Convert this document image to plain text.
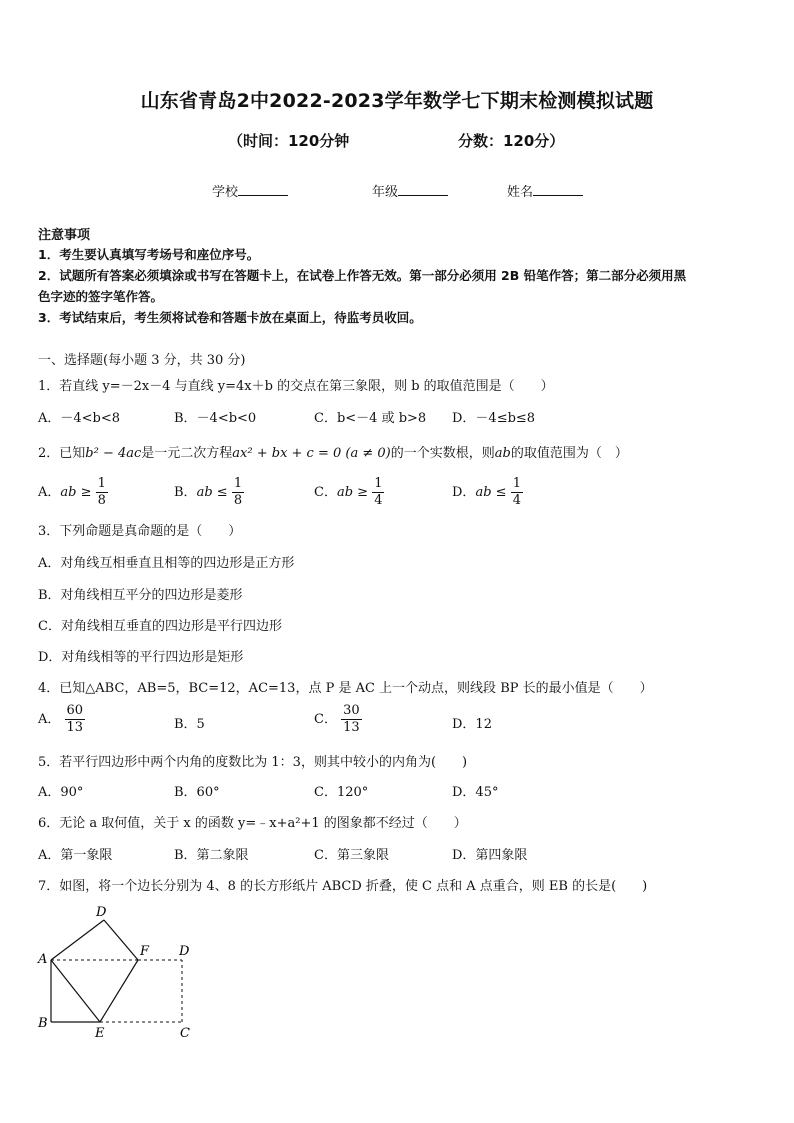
山东省青岛2中2022-2023学年数学七下期末检测模拟试题
（时间：120分钟	分数：120分）
学校	年级	姓名
注意事项
1．考生要认真填写考场号和座位序号。
2．试题所有答案必须填涂或书写在答题卡上，在试卷上作答无效。第一部分必须用 2B 铅笔作答；第二部分必须用黑
色字迹的签字笔作答。
3．考试结束后，考生须将试卷和答题卡放在桌面上，待监考员收回。
一、选择题(每小题 3 分，共 30 分)
1．若直线 y=－2x－4 与直线 y=4x＋b 的交点在第三象限，则 b 的取值范围是（　　）
A．－4<b<8	B．－4<b<0	C．b<－4 或 b>8 D．－4≤b≤8
2．已知b² − 4ac是一元二次方程ax² + bx + c = 0 (a ≠ 0)的一个实数根，则ab的取值范围为（　）
A．ab ≥ $\frac{1}{8}$	B．ab ≤ $\frac{1}{8}$	C．ab ≥ $\frac{1}{4}$	D．ab ≤ $\frac{1}{4}$
3．下列命题是真命题的是（　　）
A．对角线互相垂直且相等的四边形是正方形
B．对角线相互平分的四边形是菱形
C．对角线相互垂直的四边形是平行四边形
D．对角线相等的平行四边形是矩形
4．已知△ABC，AB=5，BC=12，AC=13，点 P 是 AC 上一个动点，则线段 BP 长的最小值是（　　）
A． $\frac{60}{13}$	B．5	C． $\frac{30}{13}$	D．12
5．若平行四边形中两个内角的度数比为 1：3，则其中较小的内角为(　　)
A．90°	B．60°	C．120°	D．45°
6．无论 a 取何值，关于 x 的函数 y=﹣x+a²+1 的图象都不经过（　　）
A．第一象限	B．第二象限	C．第三象限	D．第四象限
7．如图，将一个边长分别为 4、8 的长方形纸片 ABCD 折叠，使 C 点和 A 点重合，则 EB 的长是(　　)
D
A
F D
B
E	C
